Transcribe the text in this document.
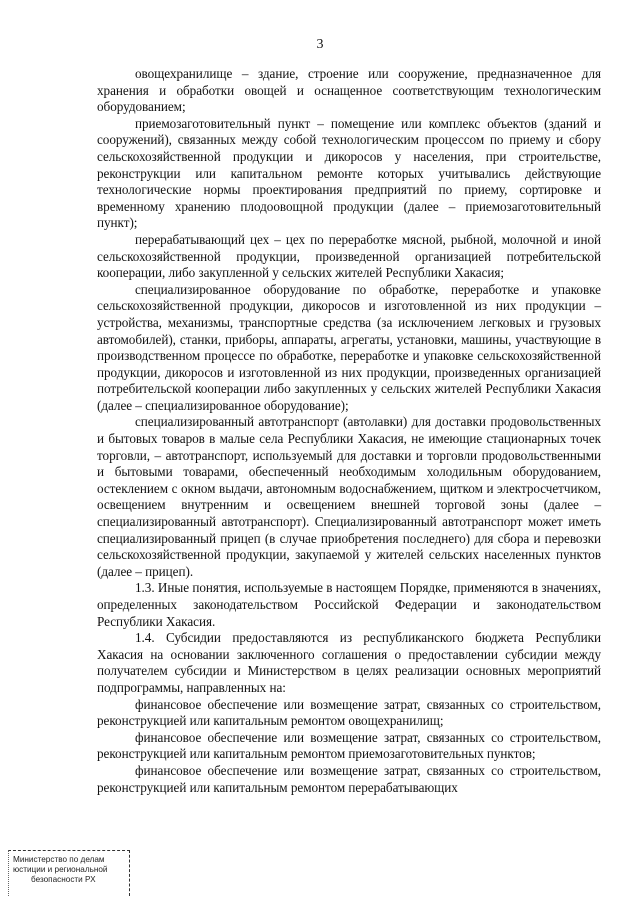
3

овощехранилище – здание, строение или сооружение, предназначенное для хранения и обработки овощей и оснащенное соответствующим технологическим оборудованием;

приемозаготовительный пункт – помещение или комплекс объектов (зданий и сооружений), связанных между собой технологическим процессом по приему и сбору сельскохозяйственной продукции и дикоросов у населения, при строительстве, реконструкции или капитальном ремонте которых учитывались действующие технологические нормы проектирования предприятий по приему, сортировке и временному хранению плодоовощной продукции (далее – приемозаготовительный пункт);

перерабатывающий цех – цех по переработке мясной, рыбной, молочной и иной сельскохозяйственной продукции, произведенной организацией потребительской кооперации, либо закупленной у сельских жителей Республики Хакасия;

специализированное оборудование по обработке, переработке и упаковке сельскохозяйственной продукции, дикоросов и изготовленной из них продукции – устройства, механизмы, транспортные средства (за исключением легковых и грузовых автомобилей), станки, приборы, аппараты, агрегаты, установки, машины, участвующие в производственном процессе по обработке, переработке и упаковке сельскохозяйственной продукции, дикоросов и изготовленной из них продукции, произведенных организацией потребительской кооперации либо закупленных у сельских жителей Республики Хакасия (далее – специализированное оборудование);

специализированный автотранспорт (автолавки) для доставки продовольственных и бытовых товаров в малые села Республики Хакасия, не имеющие стационарных точек торговли, – автотранспорт, используемый для доставки и торговли продовольственными и бытовыми товарами, обеспеченный необходимым холодильным оборудованием, остеклением с окном выдачи, автономным водоснабжением, щитком и электросчетчиком, освещением внутренним и освещением внешней торговой зоны (далее – специализированный автотранспорт). Специализированный автотранспорт может иметь специализированный прицеп (в случае приобретения последнего) для сбора и перевозки сельскохозяйственной продукции, закупаемой у жителей сельских населенных пунктов (далее – прицеп).

1.3. Иные понятия, используемые в настоящем Порядке, применяются в значениях, определенных законодательством Российской Федерации и законодательством Республики Хакасия.

1.4. Субсидии предоставляются из республиканского бюджета Республики Хакасия на основании заключенного соглашения о предоставлении субсидии между получателем субсидии и Министерством в целях реализации основных мероприятий подпрограммы, направленных на:

финансовое обеспечение или возмещение затрат, связанных со строительством, реконструкцией или капитальным ремонтом овощехранилищ;

финансовое обеспечение или возмещение затрат, связанных со строительством, реконструкцией или капитальным ремонтом приемозаготовительных пунктов;

финансовое обеспечение или возмещение затрат, связанных со строительством, реконструкцией или капитальным ремонтом перерабатывающих

Министерство по делам
юстиции и региональной
безопасности РХ
